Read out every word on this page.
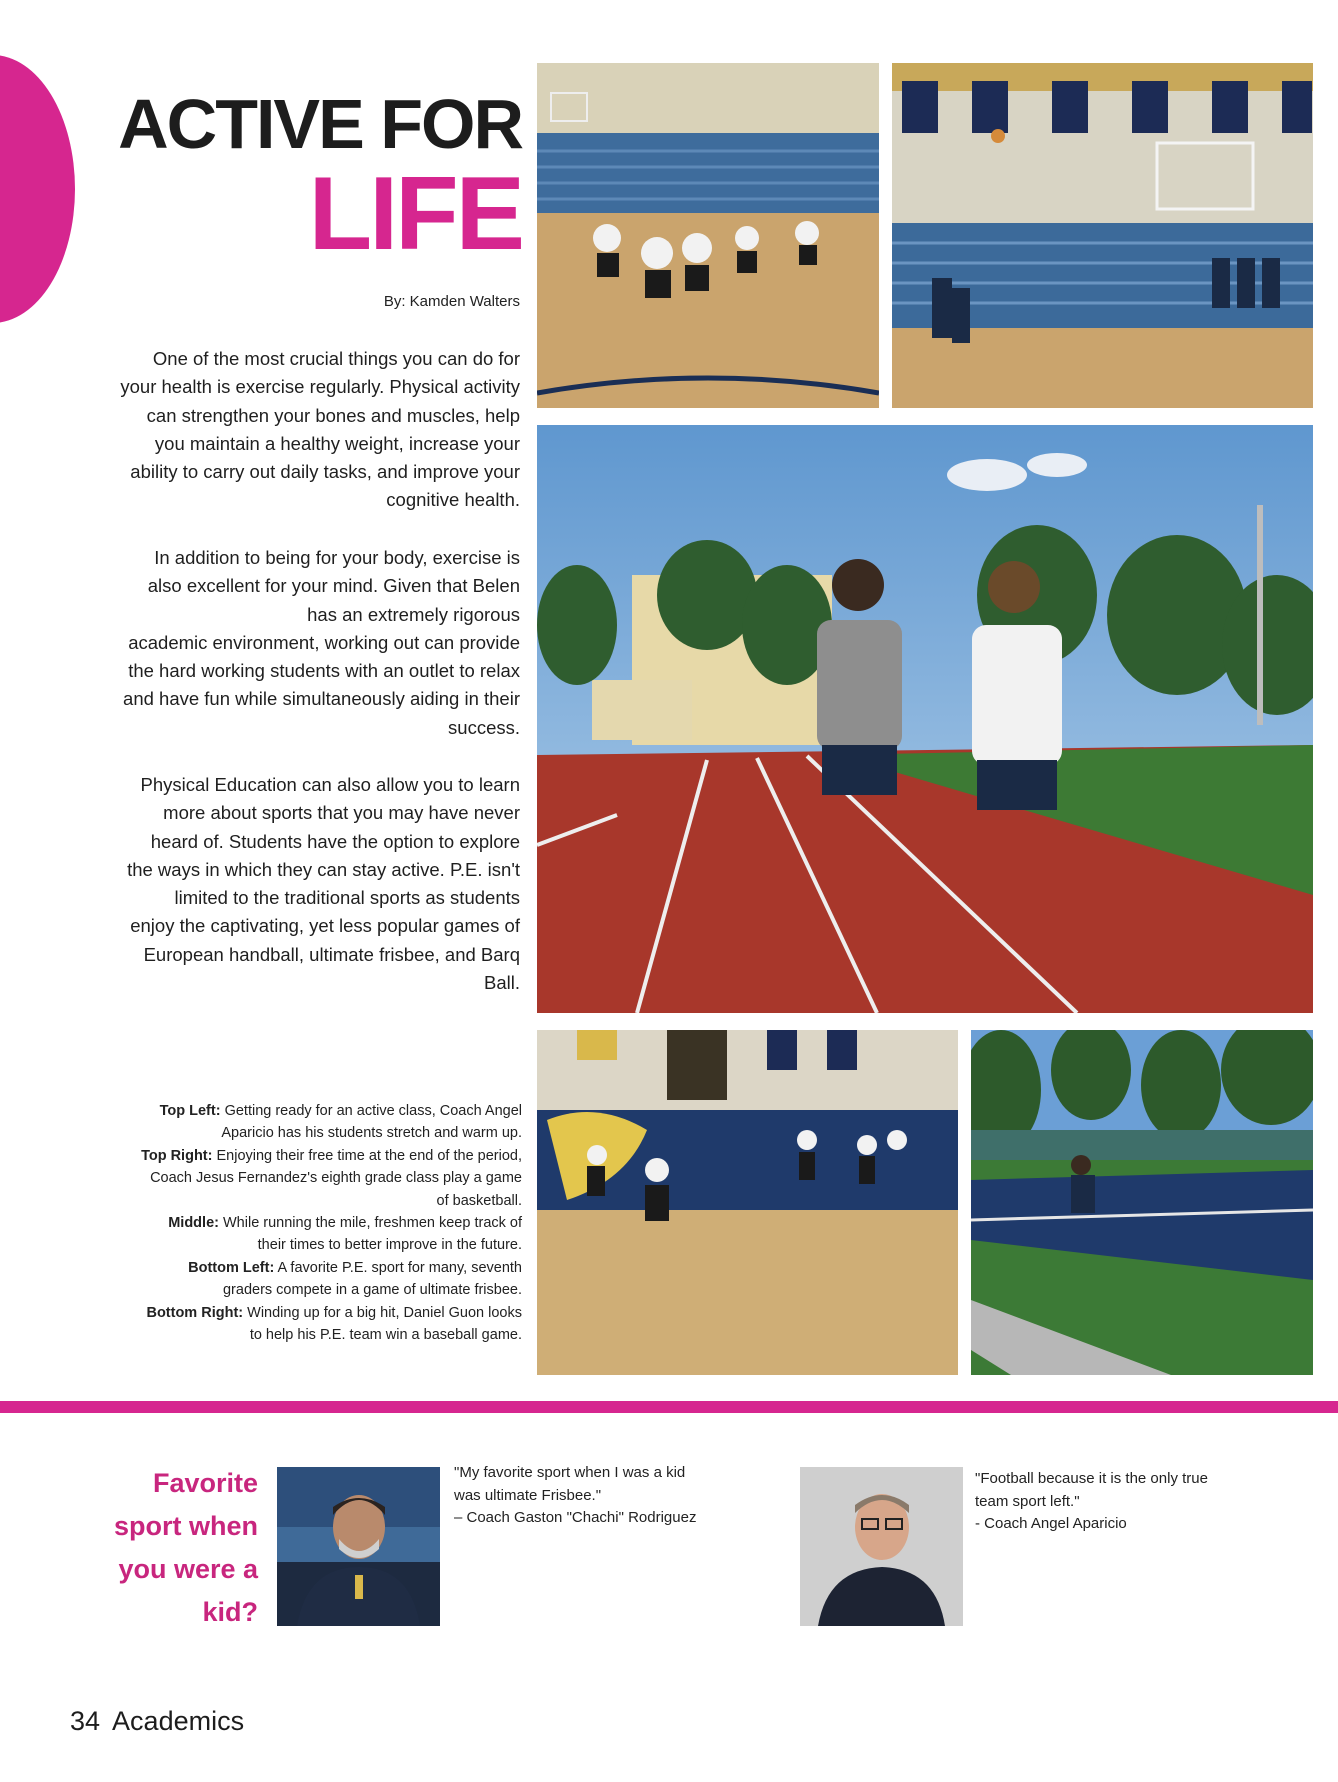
ACTIVE FOR
LIFE
By: Kamden Walters
One of the most crucial things you can do for
your health is exercise regularly. Physical activity
can strengthen your bones and muscles, help
you maintain a healthy weight, increase your
ability to carry out daily tasks, and improve your
cognitive health.
In addition to being for your body, exercise is
also excellent for your mind. Given that Belen
has an extremely rigorous
academic environment, working out can provide
the hard working students with an outlet to relax
and have fun while simultaneously aiding in their
success.
Physical Education can also allow you to learn
more about sports that you may have never
heard of. Students have the option to explore
the ways in which they can stay active. P.E. isn't
limited to the traditional sports as students
enjoy the captivating, yet less popular games of
European handball, ultimate frisbee, and Barq
Ball.
Top Left: Getting ready for an active class, Coach Angel
Aparicio has his students stretch and warm up.
Top Right: Enjoying their free time at the end of the period,
Coach Jesus Fernandez's eighth grade class play a game
of basketball.
Middle: While running the mile, freshmen keep track of
their times to better improve in the future.
Bottom Left: A favorite P.E. sport for many, seventh
graders compete in a game of ultimate frisbee.
Bottom Right: Winding up for a big hit, Daniel Guon looks
to help his P.E. team win a baseball game.
Favorite
sport when
you were a
kid?
"My favorite sport when I was a kid
was ultimate Frisbee."
– Coach Gaston "Chachi" Rodriguez
"Football because it is the only true
team sport left."
- Coach Angel Aparicio
34 Academics
